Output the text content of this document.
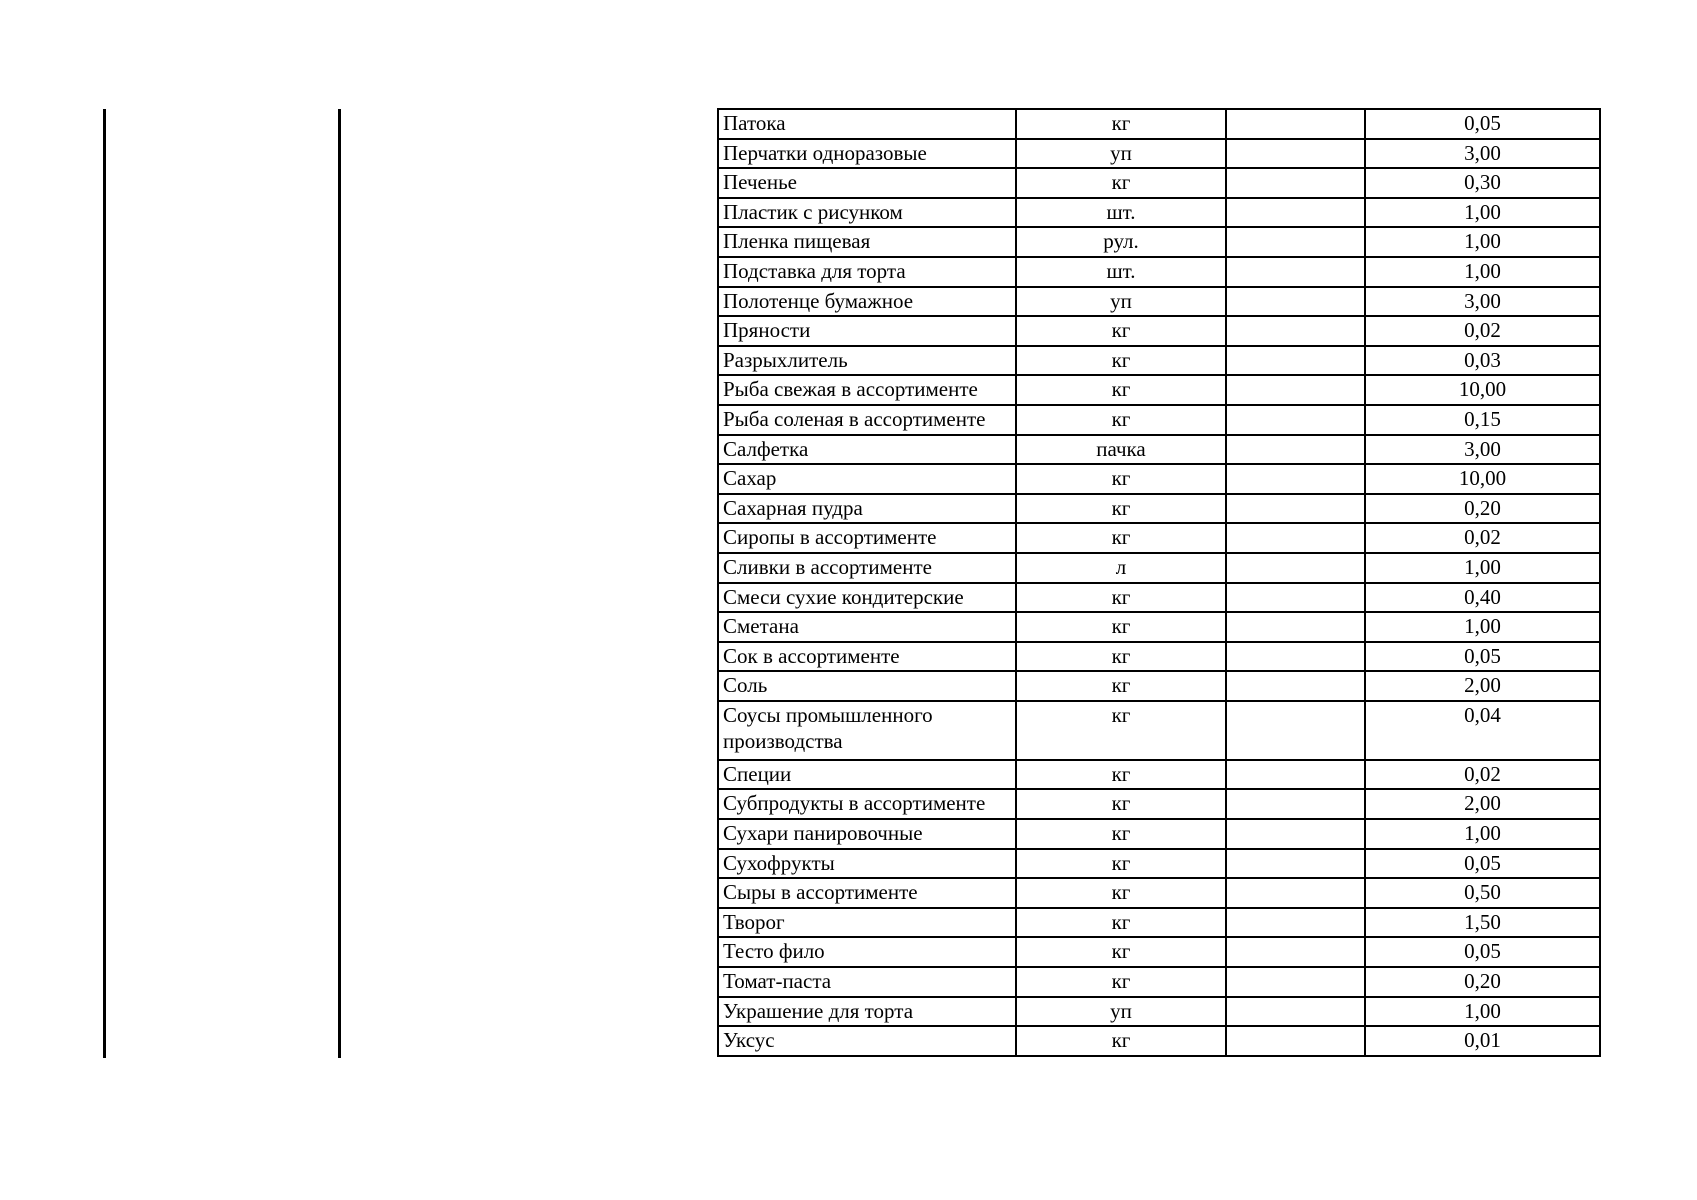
Патока	кг		0,05
Перчатки одноразовые	уп		3,00
Печенье	кг		0,30
Пластик с рисунком	шт.		1,00
Пленка пищевая	рул.		1,00
Подставка для торта	шт.		1,00
Полотенце бумажное	уп		3,00
Пряности	кг		0,02
Разрыхлитель	кг		0,03
Рыба свежая в ассортименте	кг		10,00
Рыба соленая в ассортименте	кг		0,15
Салфетка	пачка		3,00
Сахар	кг		10,00
Сахарная пудра	кг		0,20
Сиропы в ассортименте	кг		0,02
Сливки в ассортименте	л		1,00
Смеси сухие кондитерские	кг		0,40
Сметана	кг		1,00
Сок в ассортименте	кг		0,05
Соль	кг		2,00
Соусы промышленного производства	кг		0,04
Специи	кг		0,02
Субпродукты в ассортименте	кг		2,00
Сухари панировочные	кг		1,00
Сухофрукты	кг		0,05
Сыры в ассортименте	кг		0,50
Творог	кг		1,50
Тесто фило	кг		0,05
Томат-паста	кг		0,20
Украшение для торта	уп		1,00
Уксус	кг		0,01
